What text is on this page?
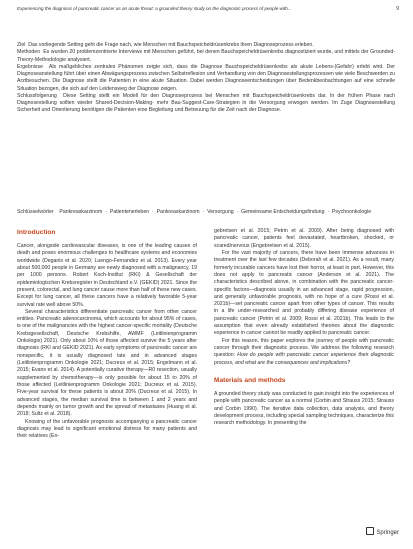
Experiencing the diagnosis of pancreatic cancer as an acute threat: a grounded theory study on the diagnostic process of people with...	9

Ziel Das vorliegende Setting geht die Frage nach, wie Menschen mit Bauchspeicheldrüsenkrebs ihren Diagnoseprozess erleben.

Methoden Es wurden 20 problemzentrierte Interviews mit Menschen geführt, bei denen Bauchspeicheldrüsenkrebs diagnostiziert wurde, und mittels der Grounded-Theory-Methodologie analysiert.

Ergebnisse Als maßgebliches zentrales Phänomen zeigte sich, dass die Diagnose Bauchspeicheldrüsenkrebs als akute Lebens-(Gefahr) erlebt wird. Der Diagnoseanstellung führt über einen Abwägungsprozess zwischen Selbstreflexion und Verhandlung von den Diagnosestellungsprozessen wie viele Beschwerden zu Arztbesuchen. Die Diagnose stellt die Patienten in eine akute Situation. Dabei werden Diagnoseentscheidungen über Bedenkbeobachtungen auf eine schnelle Situation bezogen, die sich auf den Leidensweg der Diagnose zeigen.

Schlussfolgerung Diese Setting stellt ein Modell für den Diagnoseprozess bei Menschen mit Bauchspeicheldrüsenkrebs dar. In der frühen Phase nach Diagnosestellung sollten wieder Shared-Decision-Making- mehr Bau-Suggest-Care-Strategien in die Versorgung erwogen werden. Im Zuge Diagnosestellung Sicherheit und Orientierung benötigen die Patienten eine Begleitung und Betreuung für die Zeit nach der Diagnose.

Schlüsselwörter Pankreaskarzinom  ·  Patientenerleben  ·  Pankreaskarzinom  ·  Versorgung  ·  Gemeinsame Entscheidungsfindung  ·  Psychoonkologie
Introduction

Cancer, alongside cardiovascular diseases, is one of the leading causes of death and poses enormous challenges to healthcare systems and economies worldwide (Deganis et al. 2020; Luengo-Fernandez et al. 2013). Every year about 500,000 people in Germany are newly diagnosed with a malignancy, 19 per 1000 persons. Robert Koch-Institut (RKI) & Gesellschaft der epidemiologischen Krebsregister in Deutschland e.V. (GEKID) 2021. Since the present, colorectal, and lung cancer cause more than half of these new cases. Except for lung cancer, all these cancers have a relatively favorable 5-year survival rate well above 50%.

Several characteristics differentiate pancreatic cancer from other cancer entities. Pancreatic adenocarcinoma, which accounts for about 95% of cases, is one of the malignancies with the highest cancer-specific mortality (Deutsche Krebsgesellschaft, Deutsche Krebshilfe, AWMF (Leitlinienprogramm Onkologie) 2021). Only about 10% of those affected survive the 5 years after diagnosis (RKI and GEKID 2021). As early symptoms of pancreatic cancer are nonspecific, it is usually diagnosed late and in advanced stages (Leitlinienprogramm Onkologie 2021; Ducreux et al. 2015; Engelmann et al. 2015; Evans et al. 2014). A potentially curative therapy—R0 resection, usually supplemented by chemotherapy—is only possible for about 15 to 20% of those affected (Leitlinienprogramm Onkologie 2021; Ducreux et al. 2015). Five-year survival for these patients is about 20% (Ducreux et al. 2015). In advanced stages, the median survival time is between 1 and 2 years and depends mainly on tumor growth and the spread of metastases (Huang et al. 2018; Sultz et al. 2018).

Knowing of the unfavorable prognosis accompanying a pancreatic cancer diagnosis may lead to significant emotional distress for many patients and their relatives (En-

gebretsen et al. 2015; Petrin et al. 2009). After being diagnosed with pancreatic cancer, patients feel devastated, heartbroken, shocked, or scared/nervous (Engebretsen et al. 2015).

For the vast majority of cancers, there have been immense advances in treatment over the last few decades (Deborah et al. 2021). As a result, many formerly incurable cancers have lost their horror, at least in part. However, this does not apply to pancreatic cancer (Anderson et al. 2021). The characteristics described above, in combination with the pancreatic cancer-specific factors—diagnosis usually in an advanced stage, rapid progression, and generally unfavorable prognosis, with no hope of a cure (Rossi et al. 2021b)—set pancreatic cancer apart from other types of cancer. This results in a life under-researched and probably differing disease experience of pancreatic cancer (Petrin et al. 2009; Rossi et al. 2021b). This leads to the assumption that even already established theories about the diagnostic experience in cancer cannot be readily applied to pancreatic cancer.

For this reason, this paper explores the journey of people with pancreatic cancer through their diagnostic process. We address the following research question: How do people with pancreatic cancer experience their diagnostic process, and what are the consequences and implications?

Materials and methods

A grounded theory study was conducted to gain insight into the experiences of people with pancreatic cancer as a normal (Corbin and Strauss 2015; Strauss and Corbin 1990). The iterative data collection, data analysis, and theory development process, including special sampling techniques, characterize this research methodology. In presenting the

Springer
